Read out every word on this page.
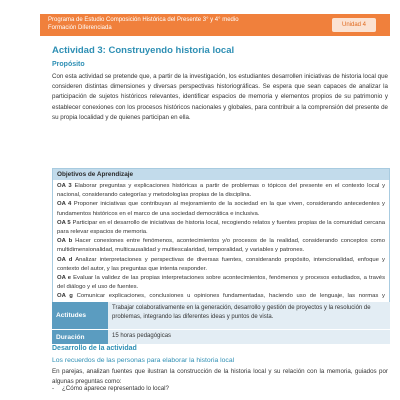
Programa de Estudio Composición Histórica del Presente 3° y 4° medio
Formación Diferenciada	Unidad 4
Actividad 3: Construyendo historia local
Propósito
Con esta actividad se pretende que, a partir de la investigación, los estudiantes desarrollen iniciativas de historia local que consideren distintas dimensiones y diversas perspectivas historiográficas. Se espera que sean capaces de analizar la participación de sujetos históricos relevantes, identificar espacios de memoria y elementos propios de su patrimonio y establecer conexiones con los procesos históricos nacionales y globales, para contribuir a la comprensión del presente de su propia localidad y de quienes participan en ella.
Objetivos de Aprendizaje

OA 3 Elaborar preguntas y explicaciones históricas a partir de problemas o tópicos del presente en el contexto local y nacional, considerando categorías y metodologías propias de la disciplina.

OA 4 Proponer iniciativas que contribuyan al mejoramiento de la sociedad en la que viven, considerando antecedentes y fundamentos históricos en el marco de una sociedad democrática e inclusiva.

OA 5 Participar en el desarrollo de iniciativas de historia local, recogiendo relatos y fuentes propias de la comunidad cercana para relevar espacios de memoria.

OA b Hacer conexiones entre fenómenos, acontecimientos y/o procesos de la realidad, considerando conceptos como multidimensionalidad, multicausalidad y multiescalaridad, temporalidad, y variables y patrones.

OA d Analizar interpretaciones y perspectivas de diversas fuentes, considerando propósito, intencionalidad, enfoque y contexto del autor, y las preguntas que intenta responder.

OA e Evaluar la validez de las propias interpretaciones sobre acontecimientos, fenómenos y procesos estudiados, a través del diálogo y el uso de fuentes.

OA g Comunicar explicaciones, conclusiones u opiniones fundamentadas, haciendo uso de lenguaje, las normas y

Actitudes
Trabajar colaborativamente en la generación, desarrollo y gestión de proyectos y la resolución de problemas, integrando las diferentes ideas y puntos de vista.
Duración	15 horas pedagógicas
Desarrollo de la actividad
Los recuerdos de las personas para elaborar la historia local
En parejas, analizan fuentes que ilustran la construcción de la historia local y su relación con la memoria, guiados por algunas preguntas como:
- ¿Cómo aparece representado lo local?
